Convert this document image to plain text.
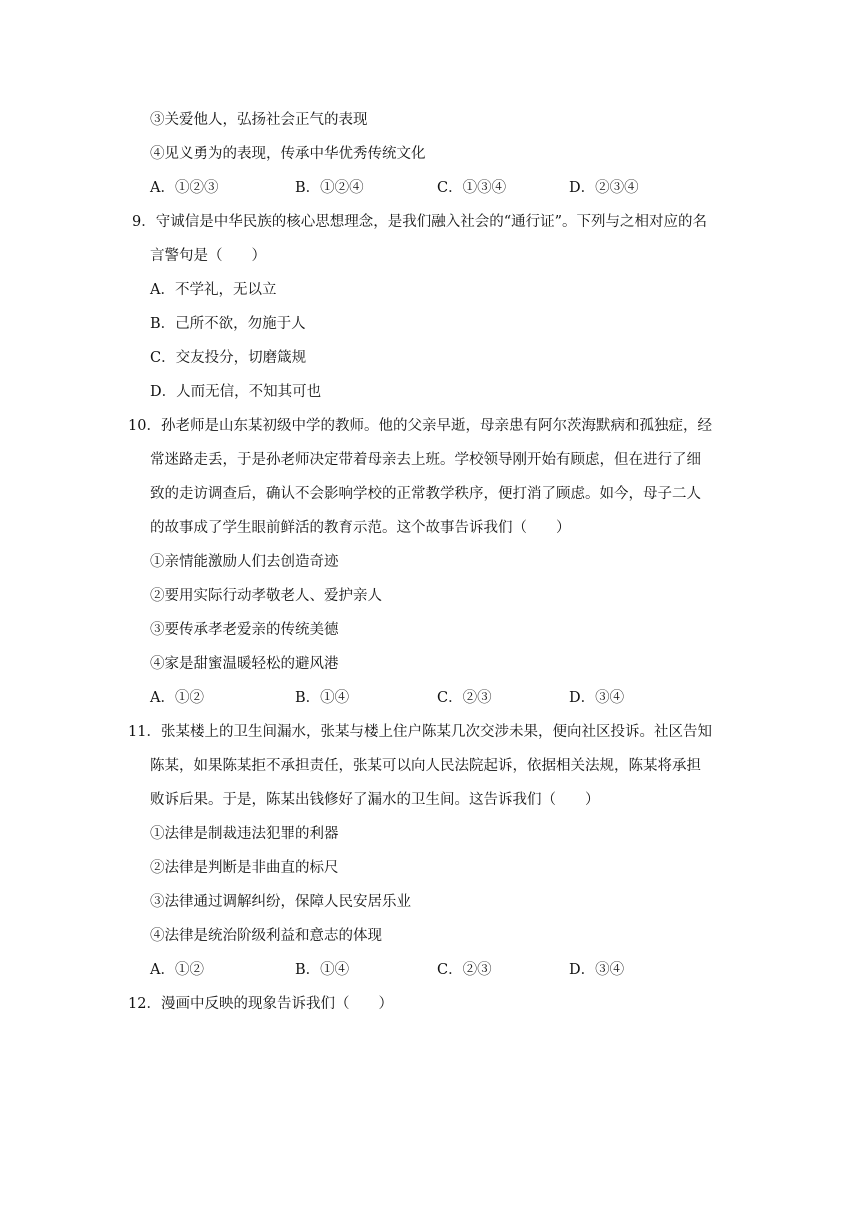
③关爱他人，弘扬社会正气的表现
④见义勇为的表现，传承中华优秀传统文化
A．①②③	B．①②④	C．①③④	D．②③④
9．守诚信是中华民族的核心思想理念，是我们融入社会的“通行证”。下列与之相对应的名
言警句是（　　）
A．不学礼，无以立
B．己所不欲，勿施于人
C．交友投分，切磨箴规
D．人而无信，不知其可也
10．孙老师是山东某初级中学的教师。他的父亲早逝，母亲患有阿尔茨海默病和孤独症，经
常迷路走丢，于是孙老师决定带着母亲去上班。学校领导刚开始有顾虑，但在进行了细
致的走访调查后，确认不会影响学校的正常教学秩序，便打消了顾虑。如今，母子二人
的故事成了学生眼前鲜活的教育示范。这个故事告诉我们（　　）
①亲情能激励人们去创造奇迹
②要用实际行动孝敬老人、爱护亲人
③要传承孝老爱亲的传统美德
④家是甜蜜温暖轻松的避风港
A．①②	B．①④	C．②③	D．③④
11．张某楼上的卫生间漏水，张某与楼上住户陈某几次交涉未果，便向社区投诉。社区告知
陈某，如果陈某拒不承担责任，张某可以向人民法院起诉，依据相关法规，陈某将承担
败诉后果。于是，陈某出钱修好了漏水的卫生间。这告诉我们（　　）
①法律是制裁违法犯罪的利器
②法律是判断是非曲直的标尺
③法律通过调解纠纷，保障人民安居乐业
④法律是统治阶级利益和意志的体现
A．①②	B．①④	C．②③	D．③④
12．漫画中反映的现象告诉我们（　　）
